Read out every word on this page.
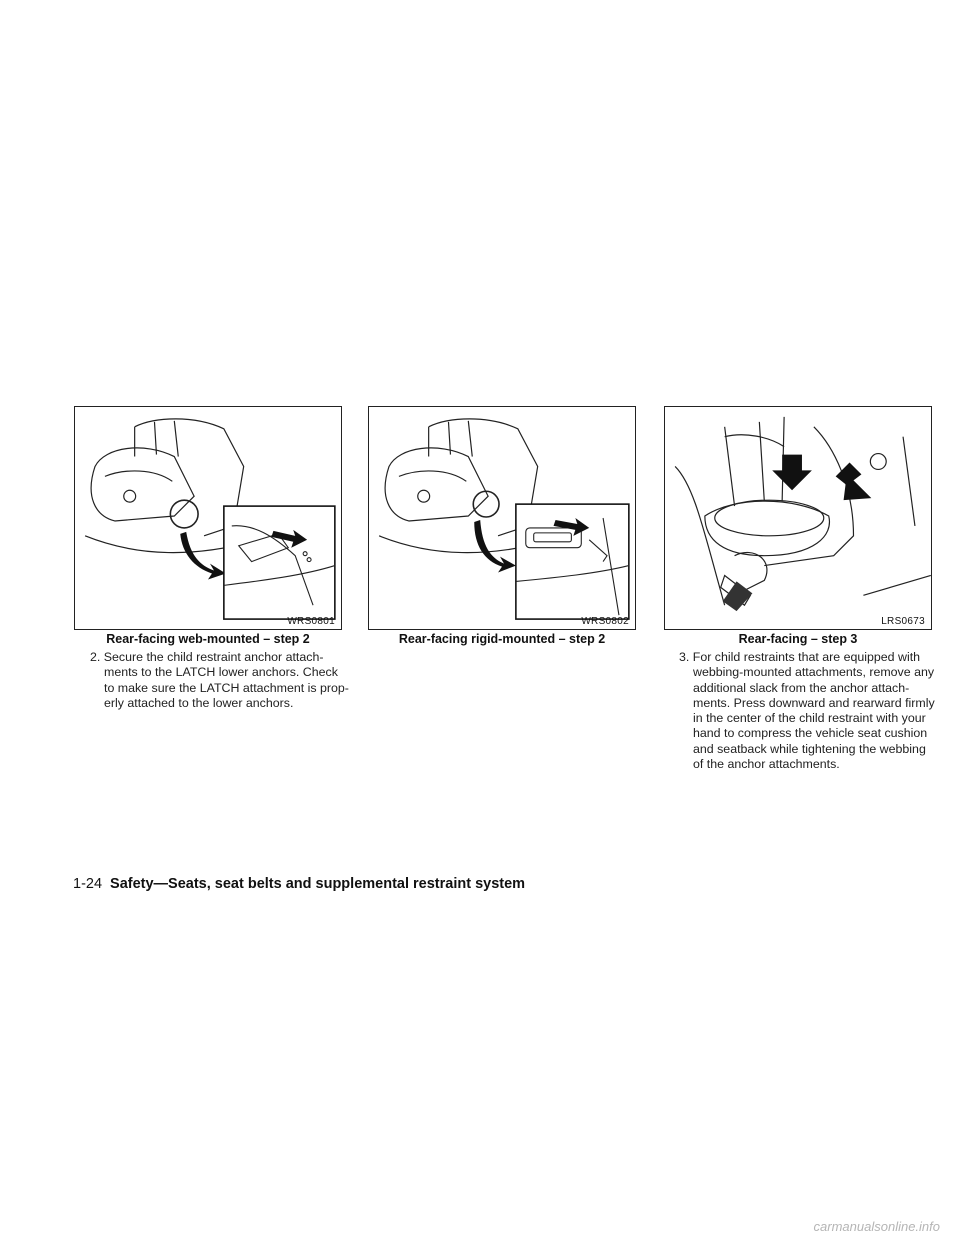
WRS0801
Rear-facing web-mounted – step 2
WRS0802
Rear-facing rigid-mounted – step 2
LRS0673
Rear-facing – step 3
2. Secure the child restraint anchor attach-
ments to the LATCH lower anchors. Check
to make sure the LATCH attachment is prop-
erly attached to the lower anchors.
3. For child restraints that are equipped with
webbing-mounted attachments, remove any
additional slack from the anchor attach-
ments. Press downward and rearward firmly
in the center of the child restraint with your
hand to compress the vehicle seat cushion
and seatback while tightening the webbing
of the anchor attachments.
1-24 Safety—Seats, seat belts and supplemental restraint system
carmanualsonline.info
